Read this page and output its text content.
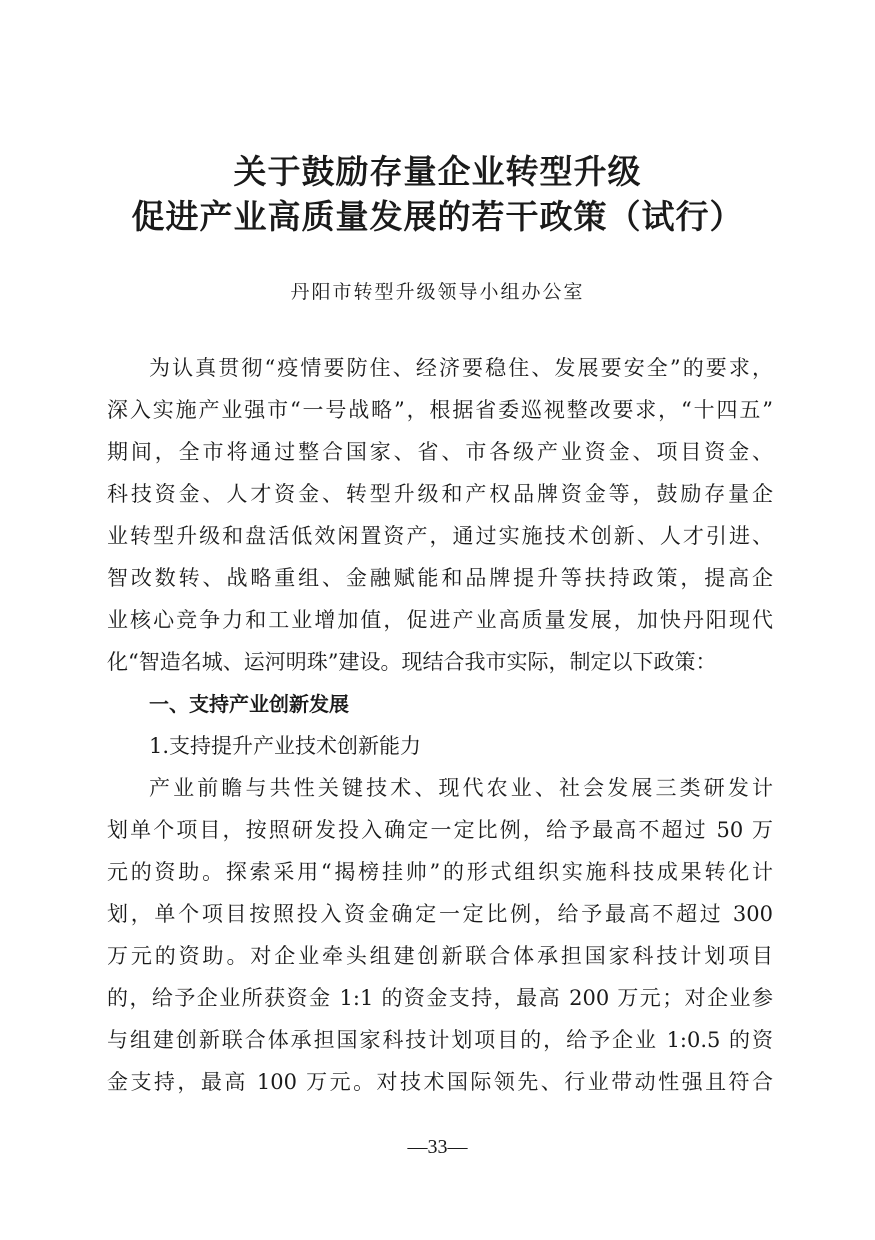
关于鼓励存量企业转型升级
促进产业高质量发展的若干政策（试行）

丹阳市转型升级领导小组办公室

为认真贯彻“疫情要防住、经济要稳住、发展要安全”的要求，
深入实施产业强市“一号战略”，根据省委巡视整改要求，“十四五”
期间，全市将通过整合国家、省、市各级产业资金、项目资金、
科技资金、人才资金、转型升级和产权品牌资金等，鼓励存量企
业转型升级和盘活低效闲置资产，通过实施技术创新、人才引进、
智改数转、战略重组、金融赋能和品牌提升等扶持政策，提高企
业核心竞争力和工业增加值，促进产业高质量发展，加快丹阳现代
化“智造名城、运河明珠”建设。现结合我市实际，制定以下政策：
一、支持产业创新发展
1.支持提升产业技术创新能力
产业前瞻与共性关键技术、现代农业、社会发展三类研发计
划单个项目，按照研发投入确定一定比例，给予最高不超过 50 万
元的资助。探索采用“揭榜挂帅”的形式组织实施科技成果转化计
划，单个项目按照投入资金确定一定比例，给予最高不超过 300
万元的资助。对企业牵头组建创新联合体承担国家科技计划项目
的，给予企业所获资金 1:1 的资金支持，最高 200 万元；对企业参
与组建创新联合体承担国家科技计划项目的，给予企业 1:0.5 的资
金支持，最高 100 万元。对技术国际领先、行业带动性强且符合
—33—
